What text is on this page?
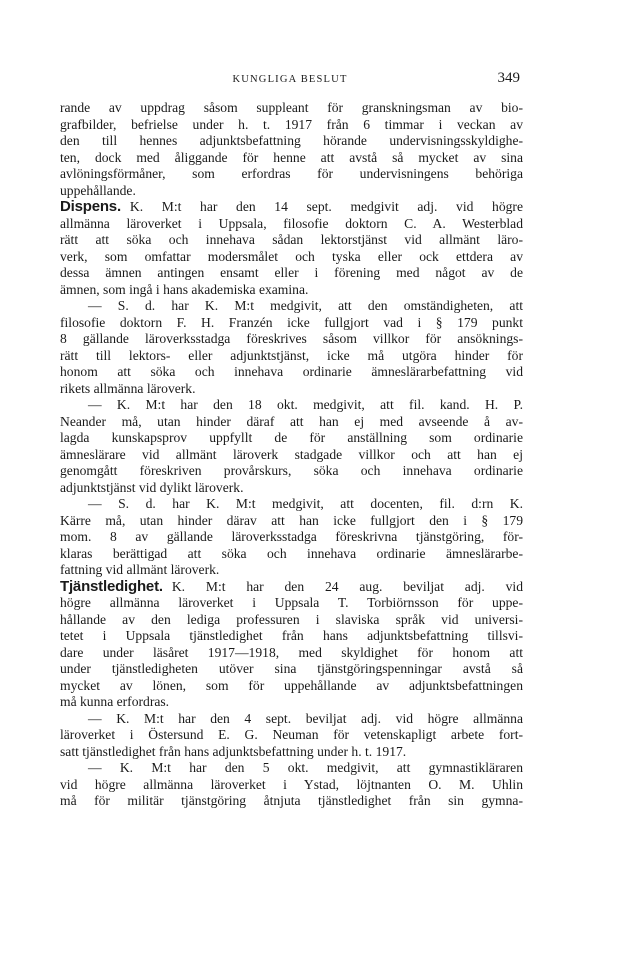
KUNGLIGA BESLUT	349
rande av uppdrag såsom suppleant för granskningsman av bio-
grafbilder, befrielse under h. t. 1917 från 6 timmar i veckan av
den till hennes adjunktsbefattning hörande undervisningsskyldighe-
ten, dock med åliggande för henne att avstå så mycket av sina
avlöningsförmåner, som erfordras för undervisningens behöriga
uppehållande.
Dispens. K. M:t har den 14 sept. medgivit adj. vid högre
allmänna läroverket i Uppsala, filosofie doktorn C. A. Westerblad
rätt att söka och innehava sådan lektorstjänst vid allmänt läro-
verk, som omfattar modersmålet och tyska eller ock ettdera av
dessa ämnen antingen ensamt eller i förening med något av de
ämnen, som ingå i hans akademiska examina.
— S. d. har K. M:t medgivit, att den omständigheten, att
filosofie doktorn F. H. Franzén icke fullgjort vad i § 179 punkt
8 gällande läroverksstadga föreskrives såsom villkor för ansöknings-
rätt till lektors- eller adjunktstjänst, icke må utgöra hinder för
honom att söka och innehava ordinarie ämneslärarbefattning vid
rikets allmänna läroverk.
— K. M:t har den 18 okt. medgivit, att fil. kand. H. P.
Neander må, utan hinder däraf att han ej med avseende å av-
lagda kunskapsprov uppfyllt de för anställning som ordinarie
ämneslärare vid allmänt läroverk stadgade villkor och att han ej
genomgått föreskriven provårskurs, söka och innehava ordinarie
adjunktstjänst vid dylikt läroverk.
— S. d. har K. M:t medgivit, att docenten, fil. d:rn K.
Kärre må, utan hinder därav att han icke fullgjort den i § 179
mom. 8 av gällande läroverksstadga föreskrivna tjänstgöring, för-
klaras berättigad att söka och innehava ordinarie ämneslärarbe-
fattning vid allmänt läroverk.
Tjänstledighet. K. M:t har den 24 aug. beviljat adj. vid
högre allmänna läroverket i Uppsala T. Torbiörnsson för uppe-
hållande av den lediga professuren i slaviska språk vid universi-
tetet i Uppsala tjänstledighet från hans adjunktsbefattning tillsvi-
dare under läsåret 1917—1918, med skyldighet för honom att
under tjänstledigheten utöver sina tjänstgöringspenningar avstå så
mycket av lönen, som för uppehållande av adjunktsbefattningen
må kunna erfordras.
— K. M:t har den 4 sept. beviljat adj. vid högre allmänna
läroverket i Östersund E. G. Neuman för vetenskapligt arbete fort-
satt tjänstledighet från hans adjunktsbefattning under h. t. 1917.
— K. M:t har den 5 okt. medgivit, att gymnastikläraren
vid högre allmänna läroverket i Ystad, löjtnanten O. M. Uhlin
må för militär tjänstgöring åtnjuta tjänstledighet från sin gymna-
